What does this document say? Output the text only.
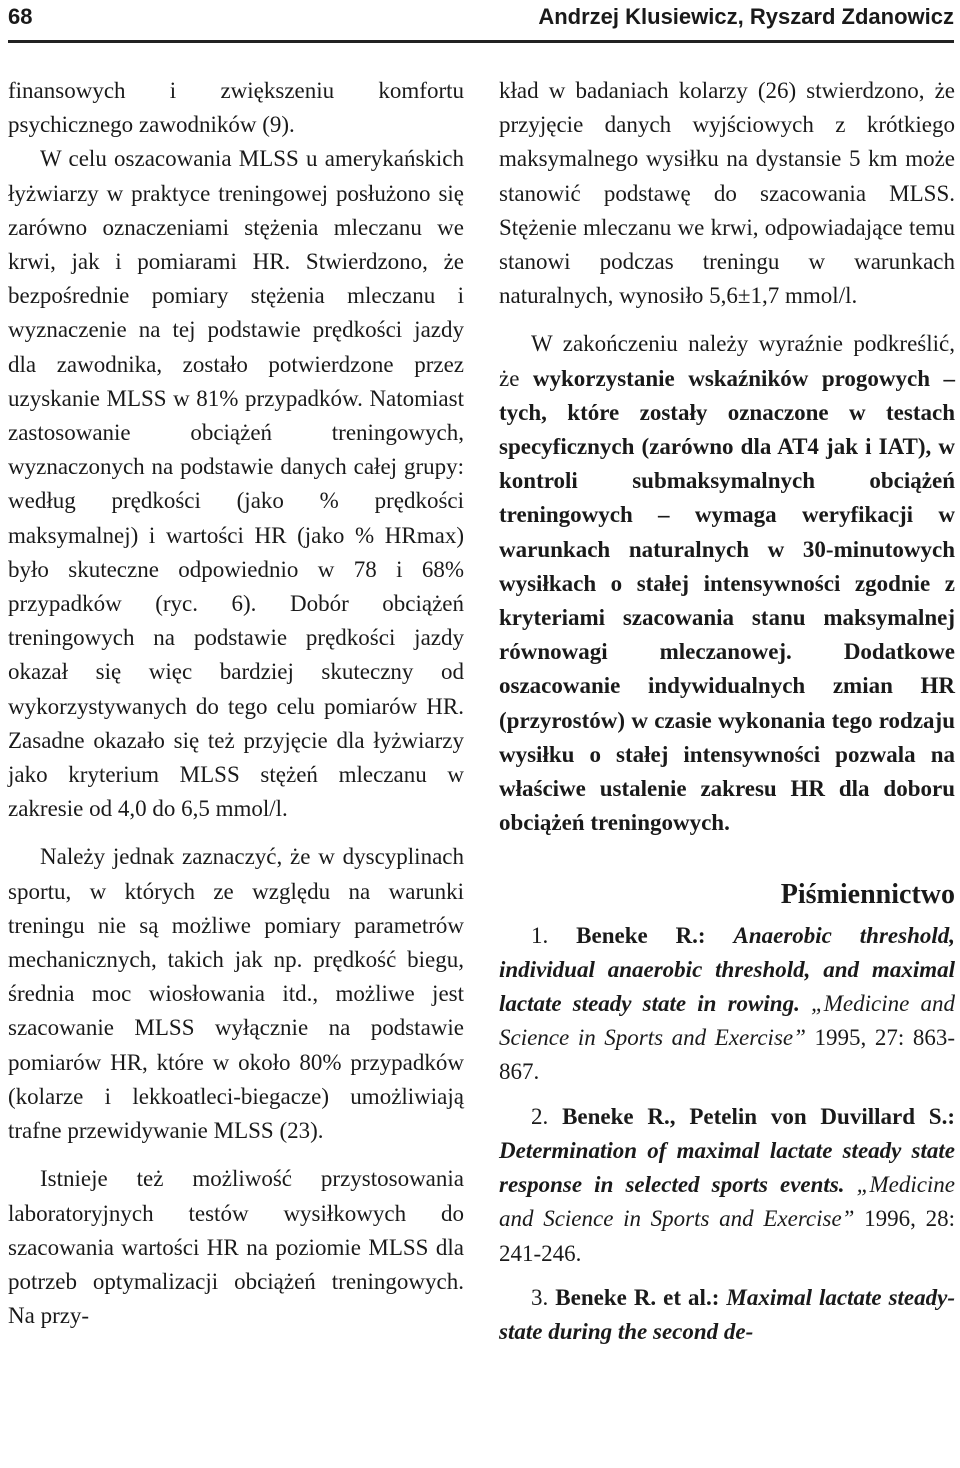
68	Andrzej Klusiewicz, Ryszard Zdanowicz

finansowych i zwiększeniu komfortu psychicznego zawodników (9).

W celu oszacowania MLSS u amerykańskich łyżwiarzy w praktyce treningowej posłużono się zarówno oznaczeniami stężenia mleczanu we krwi, jak i pomiarami HR. Stwierdzono, że bezpośrednie pomiary stężenia mleczanu i wyznaczenie na tej podstawie prędkości jazdy dla zawodnika, zostało potwierdzone przez uzyskanie MLSS w 81% przypadków. Natomiast zastosowanie obciążeń treningowych, wyznaczonych na podstawie danych całej grupy: według prędkości (jako % prędkości maksymalnej) i wartości HR (jako % HRmax) było skuteczne odpowiednio w 78 i 68% przypadków (ryc. 6). Dobór obciążeń treningowych na podstawie prędkości jazdy okazał się więc bardziej skuteczny od wykorzystywanych do tego celu pomiarów HR. Zasadne okazało się też przyjęcie dla łyżwiarzy jako kryterium MLSS stężeń mleczanu w zakresie od 4,0 do 6,5 mmol/l.

Należy jednak zaznaczyć, że w dyscyplinach sportu, w których ze względu na warunki treningu nie są możliwe pomiary parametrów mechanicznych, takich jak np. prędkość biegu, średnia moc wiosłowania itd., możliwe jest szacowanie MLSS wyłącznie na podstawie pomiarów HR, które w około 80% przypadków (kolarze i lekkoatleci-biegacze) umożliwiają trafne przewidywanie MLSS (23).

Istnieje też możliwość przystosowania laboratoryjnych testów wysiłkowych do szacowania wartości HR na poziomie MLSS dla potrzeb optymalizacji obciążeń treningowych. Na przy-

kład w badaniach kolarzy (26) stwierdzono, że przyjęcie danych wyjściowych z krótkiego maksymalnego wysiłku na dystansie 5 km może stanowić podstawę do szacowania MLSS. Stężenie mleczanu we krwi, odpowiadające temu stanowi podczas treningu w warunkach naturalnych, wynosiło 5,6±1,7 mmol/l.

W zakończeniu należy wyraźnie podkreślić, że wykorzystanie wskaźników progowych – tych, które zostały oznaczone w testach specyficznych (zarówno dla AT4 jak i IAT), w kontroli submaksymalnych obciążeń treningowych – wymaga weryfikacji w warunkach naturalnych w 30-minutowych wysiłkach o stałej intensywności zgodnie z kryteriami szacowania stanu maksymalnej równowagi mleczanowej. Dodatkowe oszacowanie indywidualnych zmian HR (przyrostów) w czasie wykonania tego rodzaju wysiłku o stałej intensywności pozwala na właściwe ustalenie zakresu HR dla doboru obciążeń treningowych.

Piśmiennictwo

1. Beneke R.: Anaerobic threshold, individual anaerobic threshold, and maximal lactate steady state in rowing. „Medicine and Science in Sports and Exercise” 1995, 27: 863-867.

2. Beneke R., Petelin von Duvillard S.: Determination of maximal lactate steady state response in selected sports events. „Medicine and Science in Sports and Exercise” 1996, 28: 241-246.

3. Beneke R. et al.: Maximal lactate steady-state during the second de-
